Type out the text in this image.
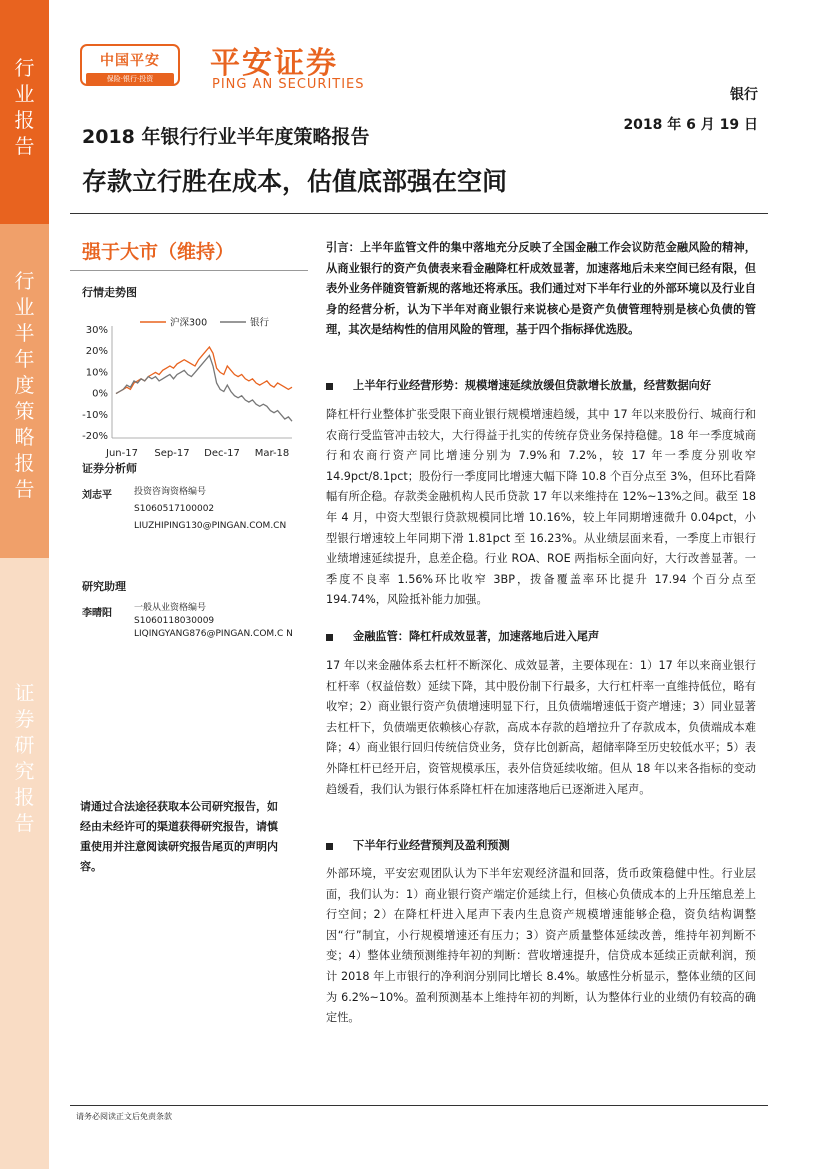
行业报告
行业半年度策略报告
证券研究报告
中国平安
保险·银行·投资	平安证券
PING AN SECURITIES
银行
2018 年 6 月 19 日
2018 年银行行业半年度策略报告
存款立行胜在成本，估值底部强在空间
强于大市（维持）
行情走势图
30%
20%
10%
0%
-10%
-20%
Jun-17 Sep-17 Dec-17 Mar-18
沪深300	银行
证券分析师
刘志平 投资咨询资格编号
S1060517100002
LIUZHIPING130@PINGAN.COM.CN
研究助理
李晴阳 一般从业资格编号
S1060118030009
LIQINGYANG876@PINGAN.COM.C N
请通过合法途径获取本公司研究报告，如经由未经许可的渠道获得研究报告，请慎重使用并注意阅读研究报告尾页的声明内容。
引言：上半年监管文件的集中落地充分反映了全国金融工作会议防范金融风险的精神，从商业银行的资产负债表来看金融降杠杆成效显著，加速落地后未来空间已经有限，但表外业务伴随资管新规的落地还将承压。我们通过对下半年行业的外部环境以及行业自身的经营分析，认为下半年对商业银行来说核心是资产负债管理特别是核心负债的管理，其次是结构性的信用风险的管理，基于四个指标择优选股。
上半年行业经营形势：规模增速延续放缓但贷款增长放量，经营数据向好
降杠杆行业整体扩张受限下商业银行规模增速趋缓，其中 17 年以来股份行、城商行和农商行受监管冲击较大，大行得益于扎实的传统存贷业务保持稳健。18 年一季度城商行和农商行资产同比增速分别为 7.9%和 7.2%，较 17 年一季度分别收窄 14.9pct/8.1pct；股份行一季度同比增速大幅下降 10.8 个百分点至 3%，但环比看降幅有所企稳。存款类金融机构人民币贷款 17 年以来维持在 12%~13%之间。截至 18 年 4 月，中资大型银行贷款规模同比增 10.16%，较上年同期增速微升 0.04pct，小型银行增速较上年同期下滑 1.81pct 至 16.23%。从业绩层面来看，一季度上市银行业绩增速延续提升，息差企稳。行业 ROA、ROE 两指标全面向好，大行改善显著。一季度不良率 1.56%环比收窄 3BP，拨备覆盖率环比提升 17.94 个百分点至 194.74%，风险抵补能力加强。
金融监管：降杠杆成效显著，加速落地后进入尾声
17 年以来金融体系去杠杆不断深化、成效显著，主要体现在：1）17 年以来商业银行杠杆率（权益倍数）延续下降，其中股份制下行最多，大行杠杆率一直维持低位，略有收窄；2）商业银行资产负债增速明显下行，且负债端增速低于资产增速；3）同业显著去杠杆下，负债端更依赖核心存款，高成本存款的趋增拉升了存款成本，负债端成本难降；4）商业银行回归传统信贷业务，贷存比创新高，超储率降至历史较低水平；5）表外降杠杆已经开启，资管规模承压，表外信贷延续收缩。但从 18 年以来各指标的变动趋缓看，我们认为银行体系降杠杆在加速落地后已逐渐进入尾声。
下半年行业经营预判及盈利预测
外部环境，平安宏观团队认为下半年宏观经济温和回落，货币政策稳健中性。行业层面，我们认为：1）商业银行资产端定价延续上行，但核心负债成本的上升压缩息差上行空间；2）在降杠杆进入尾声下表内生息资产规模增速能够企稳，资负结构调整因“行”制宜，小行规模增速还有压力；3）资产质量整体延续改善，维持年初判断不变；4）整体业绩预测维持年初的判断：营收增速提升，信贷成本延续正贡献利润，预计 2018 年上市银行的净利润分别同比增长 8.4%。敏感性分析显示，整体业绩的区间为 6.2%~10%。盈利预测基本上维持年初的判断，认为整体行业的业绩仍有较高的确定性。
请务必阅读正文后免责条款
